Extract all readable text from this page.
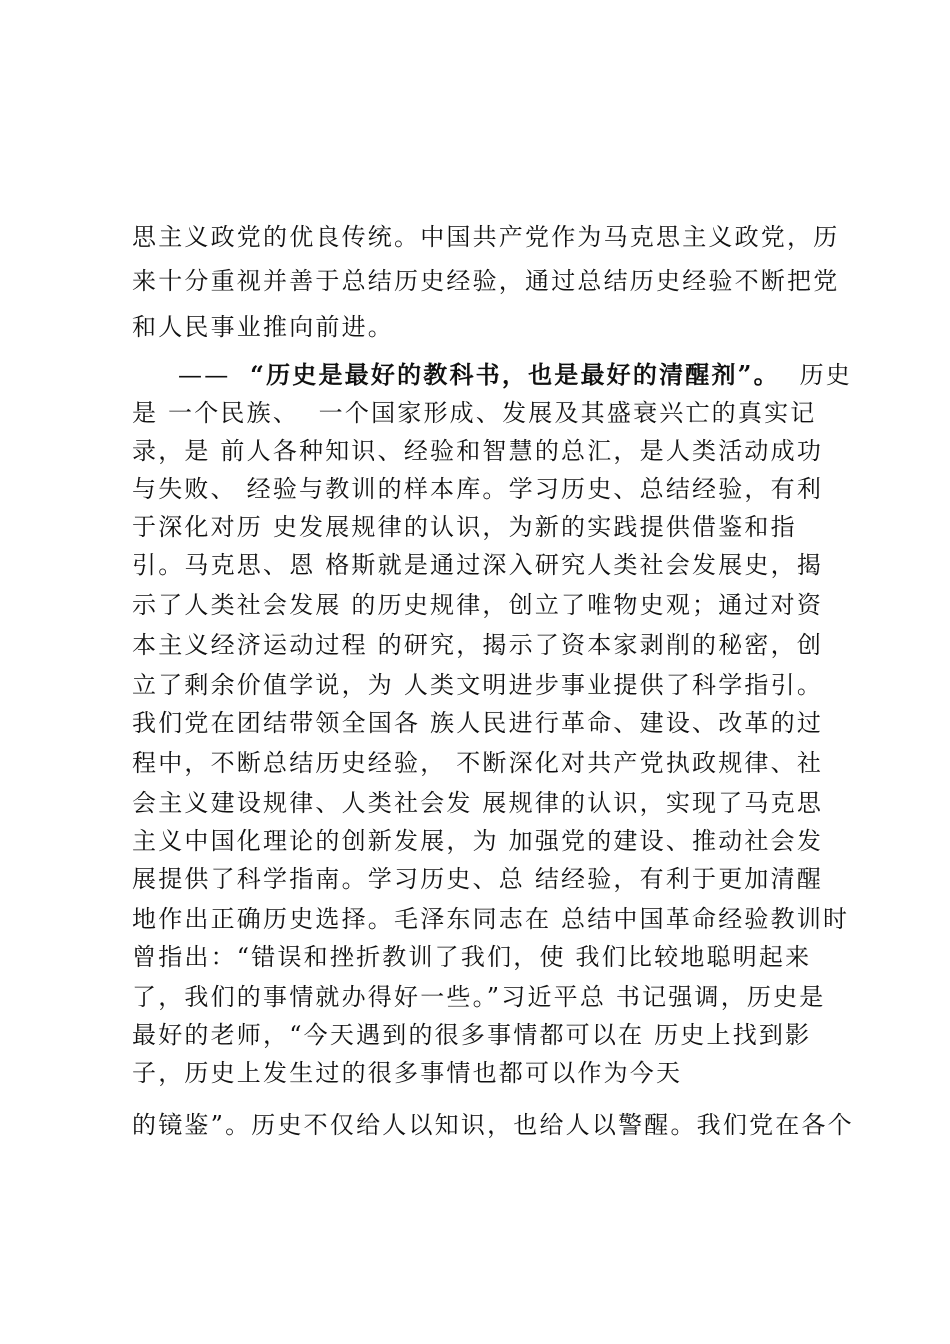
思主义政党的优良传统。中国共产党作为马克思主义政党，历
来十分重视并善于总结历史经验，通过总结历史经验不断把党
和人民事业推向前进。
—— “历史是最好的教科书，也是最好的清醒剂”。 历史
是 一个民族、  一个国家形成、发展及其盛衰兴亡的真实记
录，是 前人各种知识、经验和智慧的总汇，是人类活动成功
与失败、 经验与教训的样本库。学习历史、总结经验，有利
于深化对历 史发展规律的认识，为新的实践提供借鉴和指
引。马克思、恩 格斯就是通过深入研究人类社会发展史，揭
示了人类社会发展 的历史规律，创立了唯物史观；通过对资
本主义经济运动过程 的研究，揭示了资本家剥削的秘密，创
立了剩余价值学说，为 人类文明进步事业提供了科学指引。
我们党在团结带领全国各 族人民进行革命、建设、改革的过
程中，不断总结历史经验， 不断深化对共产党执政规律、社
会主义建设规律、人类社会发 展规律的认识，实现了马克思
主义中国化理论的创新发展，为 加强党的建设、推动社会发
展提供了科学指南。学习历史、总 结经验，有利于更加清醒
地作出正确历史选择。毛泽东同志在 总结中国革命经验教训时
曾指出：“错误和挫折教训了我们，使 我们比较地聪明起来
了，我们的事情就办得好一些。”习近平总 书记强调，历史是
最好的老师，“今天遇到的很多事情都可以在 历史上找到影
子，历史上发生过的很多事情也都可以作为今天
的镜鉴”。历史不仅给人以知识，也给人以警醒。我们党在各个
